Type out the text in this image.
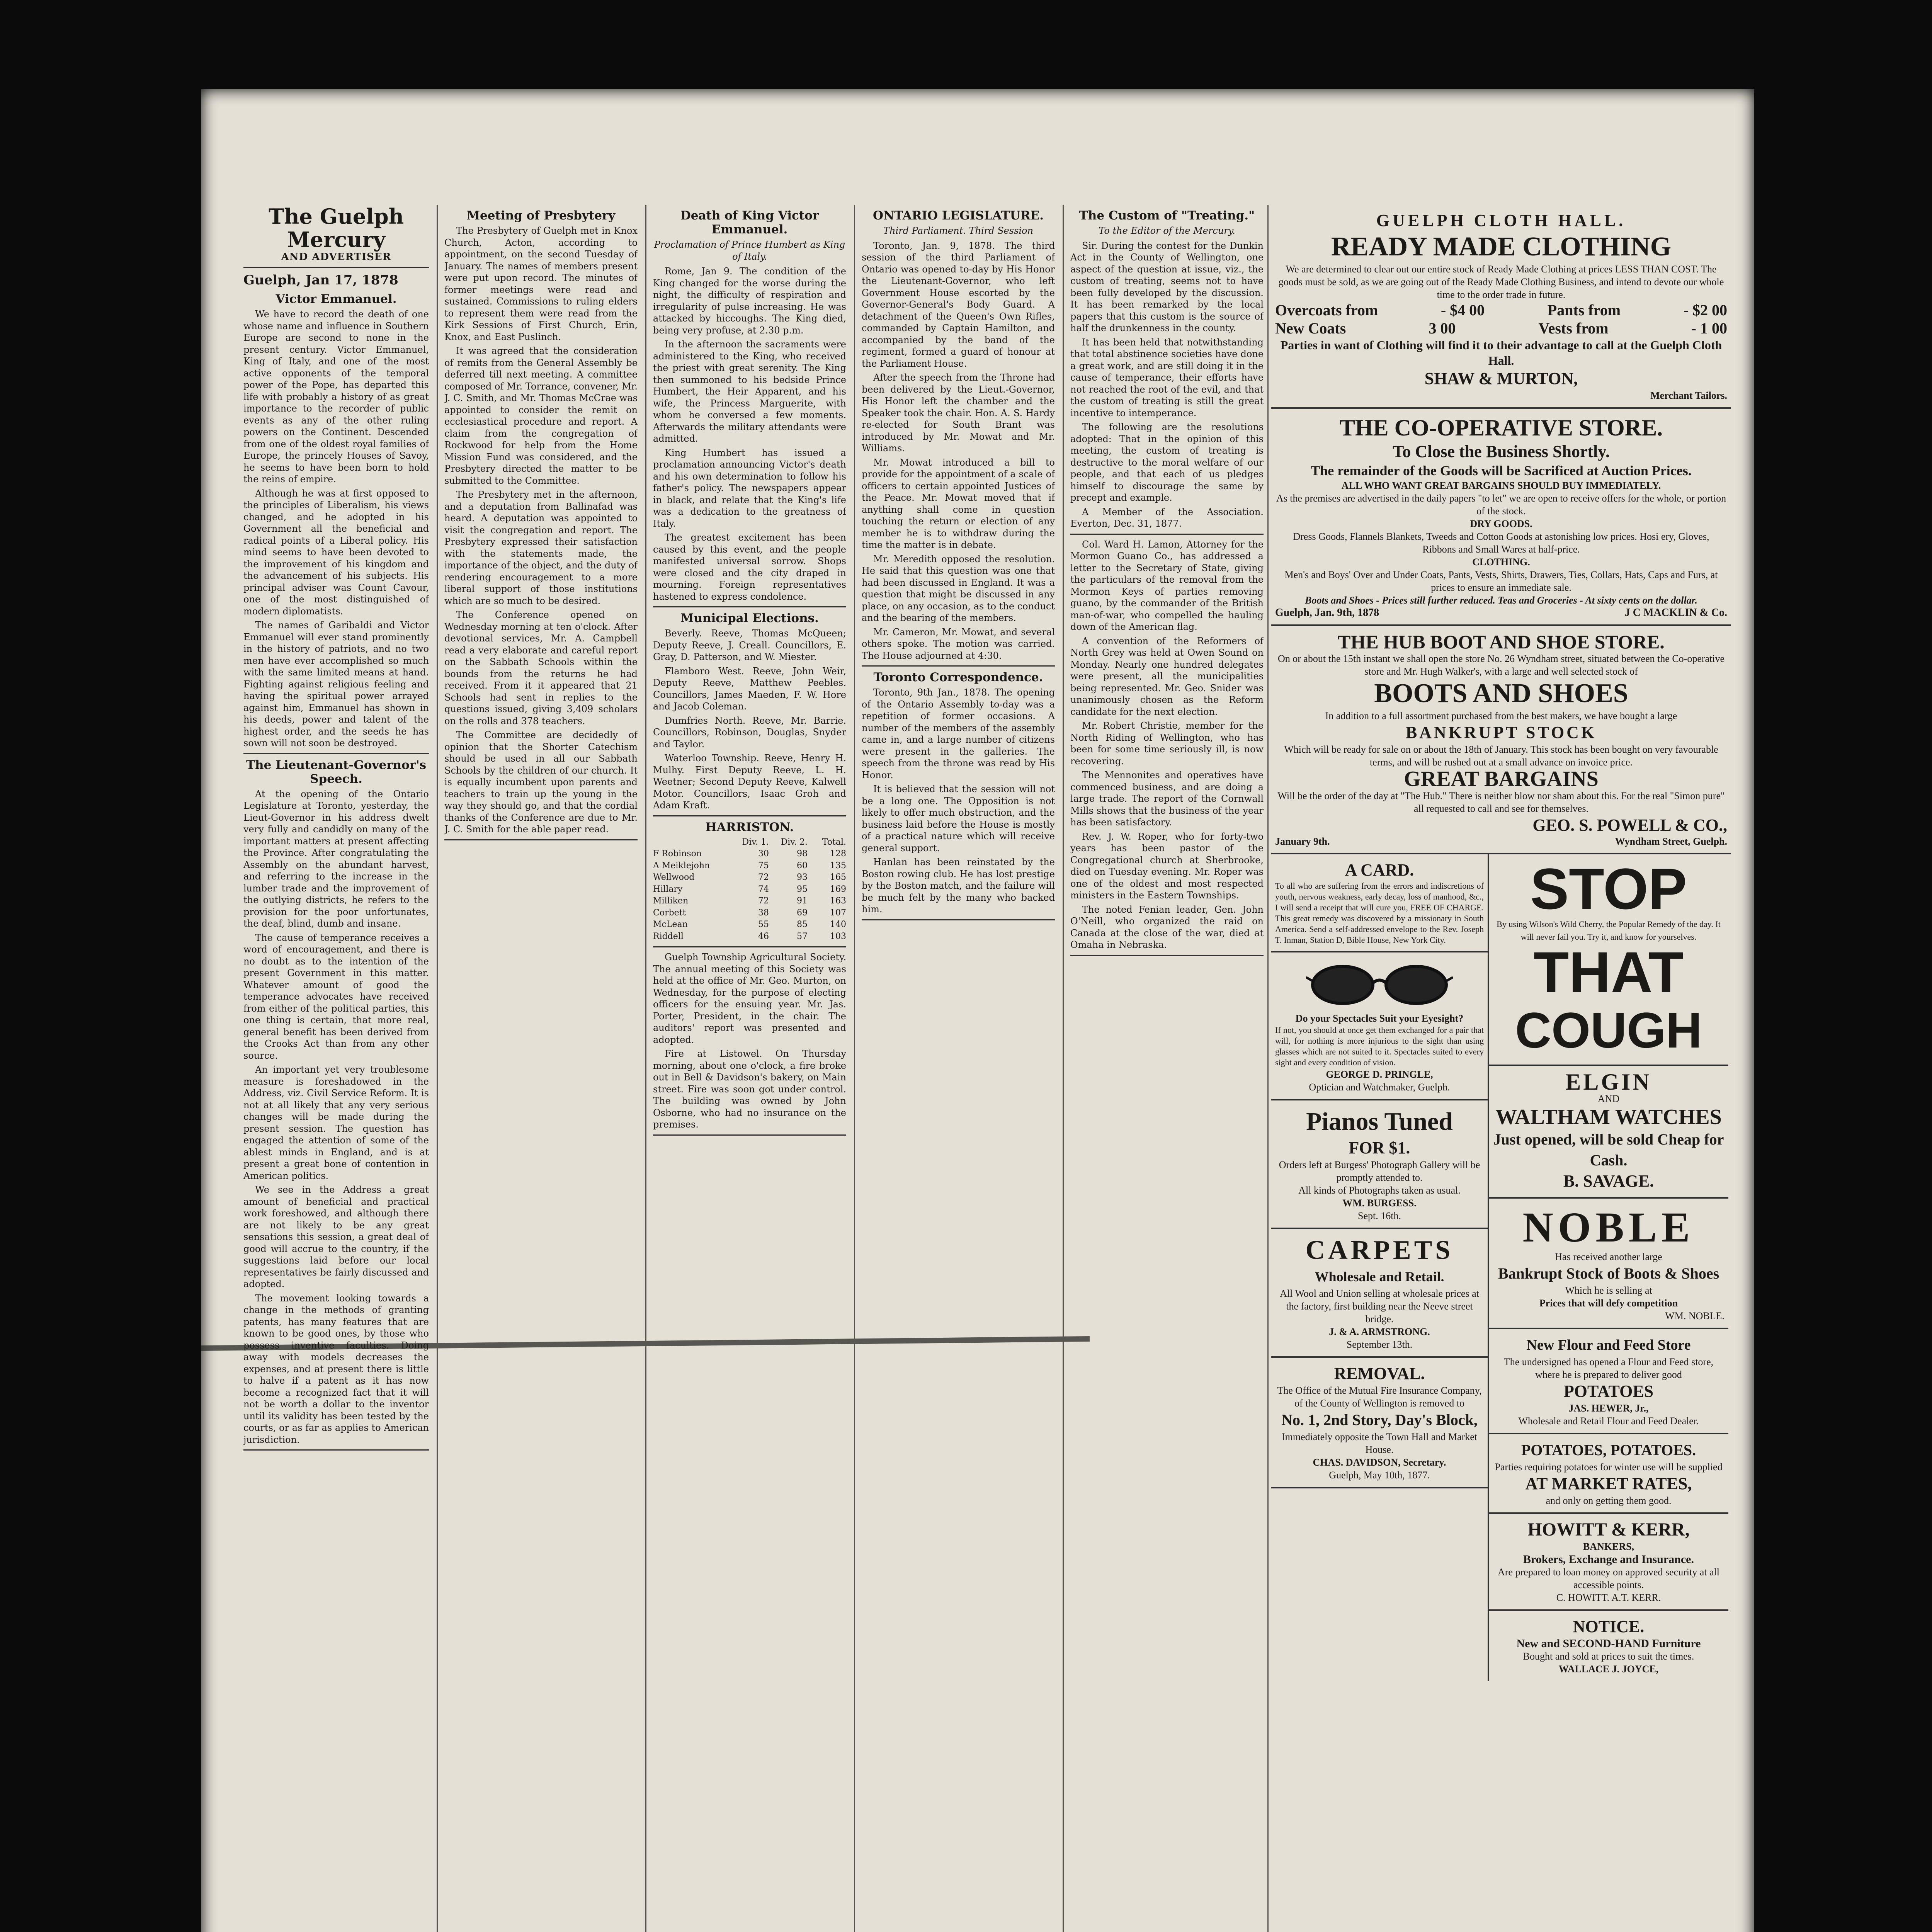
The Guelph Mercury
AND ADVERTISER
Guelph, Jan 17, 1878
Victor Emmanuel.

We have to record the death of one whose name and influence in Southern Europe are second to none in the present century. Victor Emmanuel, King of Italy, and one of the most active opponents of the temporal power of the Pope, has departed this life with probably a history of as great importance to the recorder of public events as any of the other ruling powers on the Continent. Descended from one of the oldest royal families of Europe, the princely Houses of Savoy, he seems to have been born to hold the reins of empire.

Although he was at first opposed to the principles of Liberalism, his views changed, and he adopted in his Government all the beneficial and radical points of a Liberal policy. His mind seems to have been devoted to the improvement of his kingdom and the advancement of his subjects. His principal adviser was Count Cavour, one of the most distinguished of modern diplomatists.

The names of Garibaldi and Victor Emmanuel will ever stand prominently in the history of patriots, and no two men have ever accomplished so much with the same limited means at hand. Fighting against religious feeling and having the spiritual power arrayed against him, Emmanuel has shown in his deeds, power and talent of the highest order, and the seeds he has sown will not soon be destroyed.

The Lieutenant-Governor's Speech.

At the opening of the Ontario Legislature at Toronto, yesterday, the Lieut-Governor in his address dwelt very fully and candidly on many of the important matters at present affecting the Province. After congratulating the Assembly on the abundant harvest, and referring to the increase in the lumber trade and the improvement of the outlying districts, he refers to the provision for the poor unfortunates, the deaf, blind, dumb and insane.

The cause of temperance receives a word of encouragement, and there is no doubt as to the intention of the present Government in this matter. Whatever amount of good the temperance advocates have received from either of the political parties, this one thing is certain, that more real, general benefit has been derived from the Crooks Act than from any other source.

An important yet very troublesome measure is foreshadowed in the Address, viz. Civil Service Reform. It is not at all likely that any very serious changes will be made during the present session. The question has engaged the attention of some of the ablest minds in England, and is at present a great bone of contention in American politics.

We see in the Address a great amount of beneficial and practical work foreshowed, and although there are not likely to be any great sensations this session, a great deal of good will accrue to the country, if the suggestions laid before our local representatives be fairly discussed and adopted.

The movement looking towards a change in the methods of granting patents, has many features that are known to be good ones, by those who possess inventive faculties. Doing away with models decreases the expenses, and at present there is little to halve if a patent as it has now become a recognized fact that it will not be worth a dollar to the inventor until its validity has been tested by the courts, or as far as applies to American jurisdiction.

Meeting of Presbytery

The Presbytery of Guelph met in Knox Church, Acton, according to appointment, on the second Tuesday of January. The names of members present were put upon record. The minutes of former meetings were read and sustained. Commissions to ruling elders to represent them were read from the Kirk Sessions of First Church, Erin, Knox, and East Puslinch.

It was agreed that the consideration of remits from the General Assembly be deferred till next meeting. A committee composed of Mr. Torrance, convener, Mr. J. C. Smith, and Mr. Thomas McCrae was appointed to consider the remit on ecclesiastical procedure and report. A claim from the congregation of Rockwood for help from the Home Mission Fund was considered, and the Presbytery directed the matter to be submitted to the Committee.

The Presbytery met in the afternoon, and a deputation from Ballinafad was heard. A deputation was appointed to visit the congregation and report. The Presbytery expressed their satisfaction with the statements made, the importance of the object, and the duty of rendering encouragement to a more liberal support of those institutions which are so much to be desired.

The Conference opened on Wednesday morning at ten o'clock. After devotional services, Mr. A. Campbell read a very elaborate and careful report on the Sabbath Schools within the bounds from the returns he had received. From it it appeared that 21 Schools had sent in replies to the questions issued, giving 3,409 scholars on the rolls and 378 teachers.

The Committee are decidedly of opinion that the Shorter Catechism should be used in all our Sabbath Schools by the children of our church. It is equally incumbent upon parents and teachers to train up the young in the way they should go, and that the cordial thanks of the Conference are due to Mr. J. C. Smith for the able paper read.

Death of King Victor Emmanuel.
Proclamation of Prince Humbert as King of Italy.

Rome, Jan 9. The condition of the King changed for the worse during the night, the difficulty of respiration and irregularity of pulse increasing. He was attacked by hiccoughs. The King died, being very profuse, at 2.30 p.m.

In the afternoon the sacraments were administered to the King, who received the priest with great serenity. The King then summoned to his bedside Prince Humbert, the Heir Apparent, and his wife, the Princess Marguerite, with whom he conversed a few moments. Afterwards the military attendants were admitted.

King Humbert has issued a proclamation announcing Victor's death and his own determination to follow his father's policy. The newspapers appear in black, and relate that the King's life was a dedication to the greatness of Italy.

The greatest excitement has been caused by this event, and the people manifested universal sorrow. Shops were closed and the city draped in mourning. Foreign representatives hastened to express condolence.

Municipal Elections.

Beverly. Reeve, Thomas McQueen; Deputy Reeve, J. Creall. Councillors, E. Gray, D. Patterson, and W. Miester.

Flamboro West. Reeve, John Weir, Deputy Reeve, Matthew Peebles. Councillors, James Maeden, F. W. Hore and Jacob Coleman.

Dumfries North. Reeve, Mr. Barrie. Councillors, Robinson, Douglas, Snyder and Taylor.

Waterloo Township. Reeve, Henry H. Mulhy. First Deputy Reeve, L. H. Weetner; Second Deputy Reeve, Kalwell Motor. Councillors, Isaac Groh and Adam Kraft.

HARRISTON.
Div. 1.	Div. 2.	Total.
F Robinson	30	98	128
A Meiklejohn	75	60	135
Wellwood	72	93	165
Hillary	74	95	169
Milliken	72	91	163
Corbett	38	69	107
McLean	55	85	140
Riddell	46	57	103

Guelph Township Agricultural Society. The annual meeting of this Society was held at the office of Mr. Geo. Murton, on Wednesday, for the purpose of electing officers for the ensuing year. Mr. Jas. Porter, President, in the chair. The auditors' report was presented and adopted.

Fire at Listowel. On Thursday morning, about one o'clock, a fire broke out in Bell & Davidson's bakery, on Main street. Fire was soon got under control. The building was owned by John Osborne, who had no insurance on the premises.

ONTARIO LEGISLATURE.
Third Parliament. Third Session

Toronto, Jan. 9, 1878. The third session of the third Parliament of Ontario was opened to-day by His Honor the Lieutenant-Governor, who left Government House escorted by the Governor-General's Body Guard. A detachment of the Queen's Own Rifles, commanded by Captain Hamilton, and accompanied by the band of the regiment, formed a guard of honour at the Parliament House.

After the speech from the Throne had been delivered by the Lieut.-Governor, His Honor left the chamber and the Speaker took the chair. Hon. A. S. Hardy re-elected for South Brant was introduced by Mr. Mowat and Mr. Williams.

Mr. Mowat introduced a bill to provide for the appointment of a scale of officers to certain appointed Justices of the Peace. Mr. Mowat moved that if anything shall come in question touching the return or election of any member he is to withdraw during the time the matter is in debate.

Mr. Meredith opposed the resolution. He said that this question was one that had been discussed in England. It was a question that might be discussed in any place, on any occasion, as to the conduct and the bearing of the members.

Mr. Cameron, Mr. Mowat, and several others spoke. The motion was carried. The House adjourned at 4:30.

Toronto Correspondence.

Toronto, 9th Jan., 1878. The opening of the Ontario Assembly to-day was a repetition of former occasions. A number of the members of the assembly came in, and a large number of citizens were present in the galleries. The speech from the throne was read by His Honor.

It is believed that the session will not be a long one. The Opposition is not likely to offer much obstruction, and the business laid before the House is mostly of a practical nature which will receive general support.

Hanlan has been reinstated by the Boston rowing club. He has lost prestige by the Boston match, and the failure will be much felt by the many who backed him.

The Custom of "Treating."
To the Editor of the Mercury.

Sir. During the contest for the Dunkin Act in the County of Wellington, one aspect of the question at issue, viz., the custom of treating, seems not to have been fully developed by the discussion. It has been remarked by the local papers that this custom is the source of half the drunkenness in the county.

It has been held that notwithstanding that total abstinence societies have done a great work, and are still doing it in the cause of temperance, their efforts have not reached the root of the evil, and that the custom of treating is still the great incentive to intemperance.

The following are the resolutions adopted: That in the opinion of this meeting, the custom of treating is destructive to the moral welfare of our people, and that each of us pledges himself to discourage the same by precept and example.

A Member of the Association. Everton, Dec. 31, 1877.

Col. Ward H. Lamon, Attorney for the Mormon Guano Co., has addressed a letter to the Secretary of State, giving the particulars of the removal from the Mormon Keys of parties removing guano, by the commander of the British man-of-war, who compelled the hauling down of the American flag.

A convention of the Reformers of North Grey was held at Owen Sound on Monday. Nearly one hundred delegates were present, all the municipalities being represented. Mr. Geo. Snider was unanimously chosen as the Reform candidate for the next election.

Mr. Robert Christie, member for the North Riding of Wellington, who has been for some time seriously ill, is now recovering.

The Mennonites and operatives have commenced business, and are doing a large trade. The report of the Cornwall Mills shows that the business of the year has been satisfactory.

Rev. J. W. Roper, who for forty-two years has been pastor of the Congregational church at Sherbrooke, died on Tuesday evening. Mr. Roper was one of the oldest and most respected ministers in the Eastern Townships.

The noted Fenian leader, Gen. John O'Neill, who organized the raid on Canada at the close of the war, died at Omaha in Nebraska.

GUELPH CLOTH HALL.
READY MADE CLOTHING
We are determined to clear out our entire stock of Ready Made Clothing at prices LESS THAN COST. The goods must be sold, as we are going out of the Ready Made Clothing Business, and intend to devote our whole time to the order trade in future.
Overcoats from	- $4 00	Pants from	- $2 00
New Coats	3 00	Vests from	- 1 00
Parties in want of Clothing will find it to their advantage to call at the Guelph Cloth Hall.
SHAW & MURTON,
Merchant Tailors.
THE CO-OPERATIVE STORE.
To Close the Business Shortly.
The remainder of the Goods will be Sacrificed at Auction Prices.
ALL WHO WANT GREAT BARGAINS SHOULD BUY IMMEDIATELY.
As the premises are advertised in the daily papers "to let" we are open to receive offers for the whole, or portion of the stock.
DRY GOODS.
Dress Goods, Flannels Blankets, Tweeds and Cotton Goods at astonishing low prices. Hosi ery, Gloves, Ribbons and Small Wares at half-price.
CLOTHING.
Men's and Boys' Over and Under Coats, Pants, Vests, Shirts, Drawers, Ties, Collars, Hats, Caps and Furs, at prices to ensure an immediate sale.
Boots and Shoes - Prices still further reduced. Teas and Groceries - At sixty cents on the dollar.
Guelph, Jan. 9th, 1878	J C MACKLIN & Co.
THE HUB BOOT AND SHOE STORE.
On or about the 15th instant we shall open the store No. 26 Wyndham street, situated between the Co-operative store and Mr. Hugh Walker's, with a large and well selected stock of
BOOTS AND SHOES
In addition to a full assortment purchased from the best makers, we have bought a large
BANKRUPT STOCK
Which will be ready for sale on or about the 18th of January. This stock has been bought on very favourable terms, and will be rushed out at a small advance on invoice price.
GREAT BARGAINS
Will be the order of the day at "The Hub." There is neither blow nor sham about this. For the real "Simon pure" all requested to call and see for themselves.
GEO. S. POWELL & CO.,
January 9th.	Wyndham Street, Guelph.
A CARD.
To all who are suffering from the errors and indiscretions of youth, nervous weakness, early decay, loss of manhood, &c., I will send a receipt that will cure you, FREE OF CHARGE. This great remedy was discovered by a missionary in South America. Send a self-addressed envelope to the Rev. Joseph T. Inman, Station D, Bible House, New York City.
Do your Spectacles Suit your Eyesight?
If not, you should at once get them exchanged for a pair that will, for nothing is more injurious to the sight than using glasses which are not suited to it. Spectacles suited to every sight and every condition of vision.
GEORGE D. PRINGLE,
Optician and Watchmaker, Guelph.
Pianos Tuned
FOR $1.
Orders left at Burgess' Photograph Gallery will be promptly attended to.
All kinds of Photographs taken as usual.
WM. BURGESS.
Sept. 16th.
CARPETS
Wholesale and Retail.
All Wool and Union selling at wholesale prices at the factory, first building near the Neeve street bridge.
J. & A. ARMSTRONG.
September 13th.
REMOVAL.
The Office of the Mutual Fire Insurance Company, of the County of Wellington is removed to
No. 1, 2nd Story, Day's Block,
Immediately opposite the Town Hall and Market House.
CHAS. DAVIDSON, Secretary.
Guelph, May 10th, 1877.
STOP
By using Wilson's Wild Cherry, the Popular Remedy of the day. It will never fail you. Try it, and know for yourselves.
THAT
COUGH
ELGIN
AND
WALTHAM WATCHES
Just opened, will be sold Cheap for Cash.
B. SAVAGE.
NOBLE
Has received another large
Bankrupt Stock of Boots & Shoes
Which he is selling at
Prices that will defy competition
WM. NOBLE.
New Flour and Feed Store
The undersigned has opened a Flour and Feed store, where he is prepared to deliver good
POTATOES
JAS. HEWER, Jr.,
Wholesale and Retail Flour and Feed Dealer.
POTATOES, POTATOES.
Parties requiring potatoes for winter use will be supplied
AT MARKET RATES,
and only on getting them good.
HOWITT & KERR,
BANKERS,
Brokers, Exchange and Insurance.
Are prepared to loan money on approved security at all accessible points.
C. HOWITT. A.T. KERR.
NOTICE.
New and SECOND-HAND Furniture
Bought and sold at prices to suit the times.
WALLACE J. JOYCE,
